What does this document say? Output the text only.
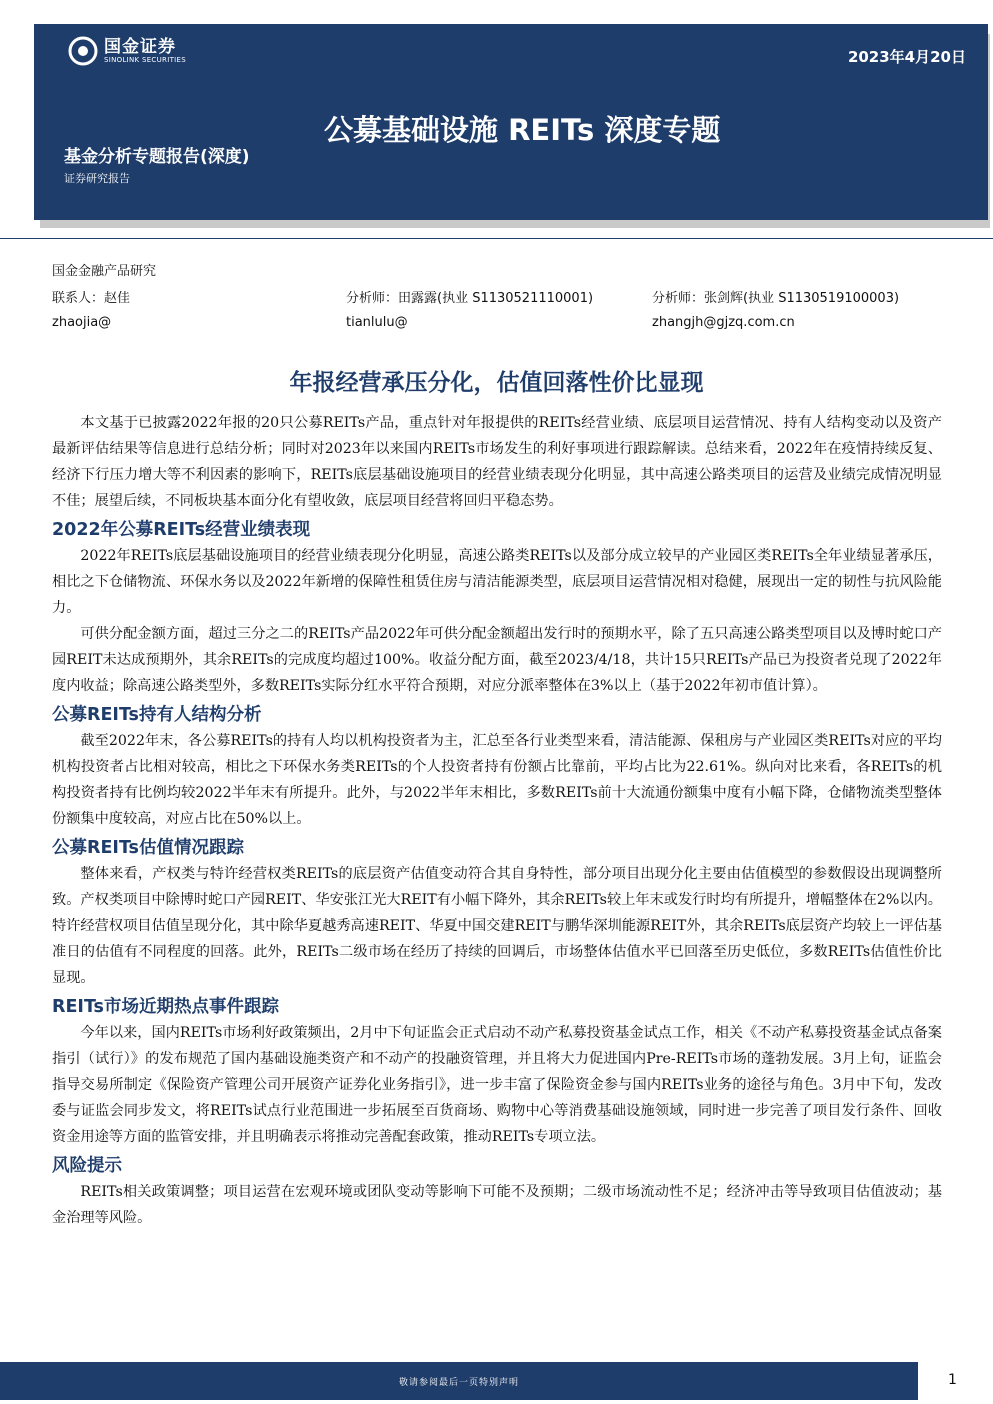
国金证券
SINOLINK SECURITIES	2023年4月20日
公募基础设施 REITs 深度专题
基金分析专题报告(深度)
证券研究报告
国金金融产品研究
联系人：赵佳	分析师：田露露(执业 S1130521110001)	分析师：张剑辉(执业 S1130519100003)
zhaojia@	tianlulu@	zhangjh@gjzq.com.cn
年报经营承压分化，估值回落性价比显现

本文基于已披露2022年报的20只公募REITs产品，重点针对年报提供的REITs经营业绩、底层项目运营情况、持有人结构变动以及资产最新评估结果等信息进行总结分析；同时对2023年以来国内REITs市场发生的利好事项进行跟踪解读。总结来看，2022年在疫情持续反复、经济下行压力增大等不利因素的影响下，REITs底层基础设施项目的经营业绩表现分化明显，其中高速公路类项目的运营及业绩完成情况明显不佳；展望后续，不同板块基本面分化有望收敛，底层项目经营将回归平稳态势。

2022年公募REITs经营业绩表现

2022年REITs底层基础设施项目的经营业绩表现分化明显，高速公路类REITs以及部分成立较早的产业园区类REITs全年业绩显著承压，相比之下仓储物流、环保水务以及2022年新增的保障性租赁住房与清洁能源类型，底层项目运营情况相对稳健，展现出一定的韧性与抗风险能力。

可供分配金额方面，超过三分之二的REITs产品2022年可供分配金额超出发行时的预期水平，除了五只高速公路类型项目以及博时蛇口产园REIT未达成预期外，其余REITs的完成度均超过100%。收益分配方面，截至2023/4/18，共计15只REITs产品已为投资者兑现了2022年度内收益；除高速公路类型外，多数REITs实际分红水平符合预期，对应分派率整体在3%以上（基于2022年初市值计算）。

公募REITs持有人结构分析

截至2022年末，各公募REITs的持有人均以机构投资者为主，汇总至各行业类型来看，清洁能源、保租房与产业园区类REITs对应的平均机构投资者占比相对较高，相比之下环保水务类REITs的个人投资者持有份额占比靠前，平均占比为22.61%。纵向对比来看，各REITs的机构投资者持有比例均较2022半年末有所提升。此外，与2022半年末相比，多数REITs前十大流通份额集中度有小幅下降，仓储物流类型整体份额集中度较高，对应占比在50%以上。

公募REITs估值情况跟踪

整体来看，产权类与特许经营权类REITs的底层资产估值变动符合其自身特性，部分项目出现分化主要由估值模型的参数假设出现调整所致。产权类项目中除博时蛇口产园REIT、华安张江光大REIT有小幅下降外，其余REITs较上年末或发行时均有所提升，增幅整体在2%以内。特许经营权项目估值呈现分化，其中除华夏越秀高速REIT、华夏中国交建REIT与鹏华深圳能源REIT外，其余REITs底层资产均较上一评估基准日的估值有不同程度的回落。此外，REITs二级市场在经历了持续的回调后，市场整体估值水平已回落至历史低位，多数REITs估值性价比显现。

REITs市场近期热点事件跟踪

今年以来，国内REITs市场利好政策频出，2月中下旬证监会正式启动不动产私募投资基金试点工作，相关《不动产私募投资基金试点备案指引（试行）》的发布规范了国内基础设施类资产和不动产的投融资管理，并且将大力促进国内Pre-REITs市场的蓬勃发展。3月上旬，证监会指导交易所制定《保险资产管理公司开展资产证券化业务指引》，进一步丰富了保险资金参与国内REITs业务的途径与角色。3月中下旬，发改委与证监会同步发文，将REITs试点行业范围进一步拓展至百货商场、购物中心等消费基础设施领域，同时进一步完善了项目发行条件、回收资金用途等方面的监管安排，并且明确表示将推动完善配套政策，推动REITs专项立法。

风险提示

REITs相关政策调整；项目运营在宏观环境或团队变动等影响下可能不及预期；二级市场流动性不足；经济冲击等导致项目估值波动；基金治理等风险。

敬请参阅最后一页特别声明	1
